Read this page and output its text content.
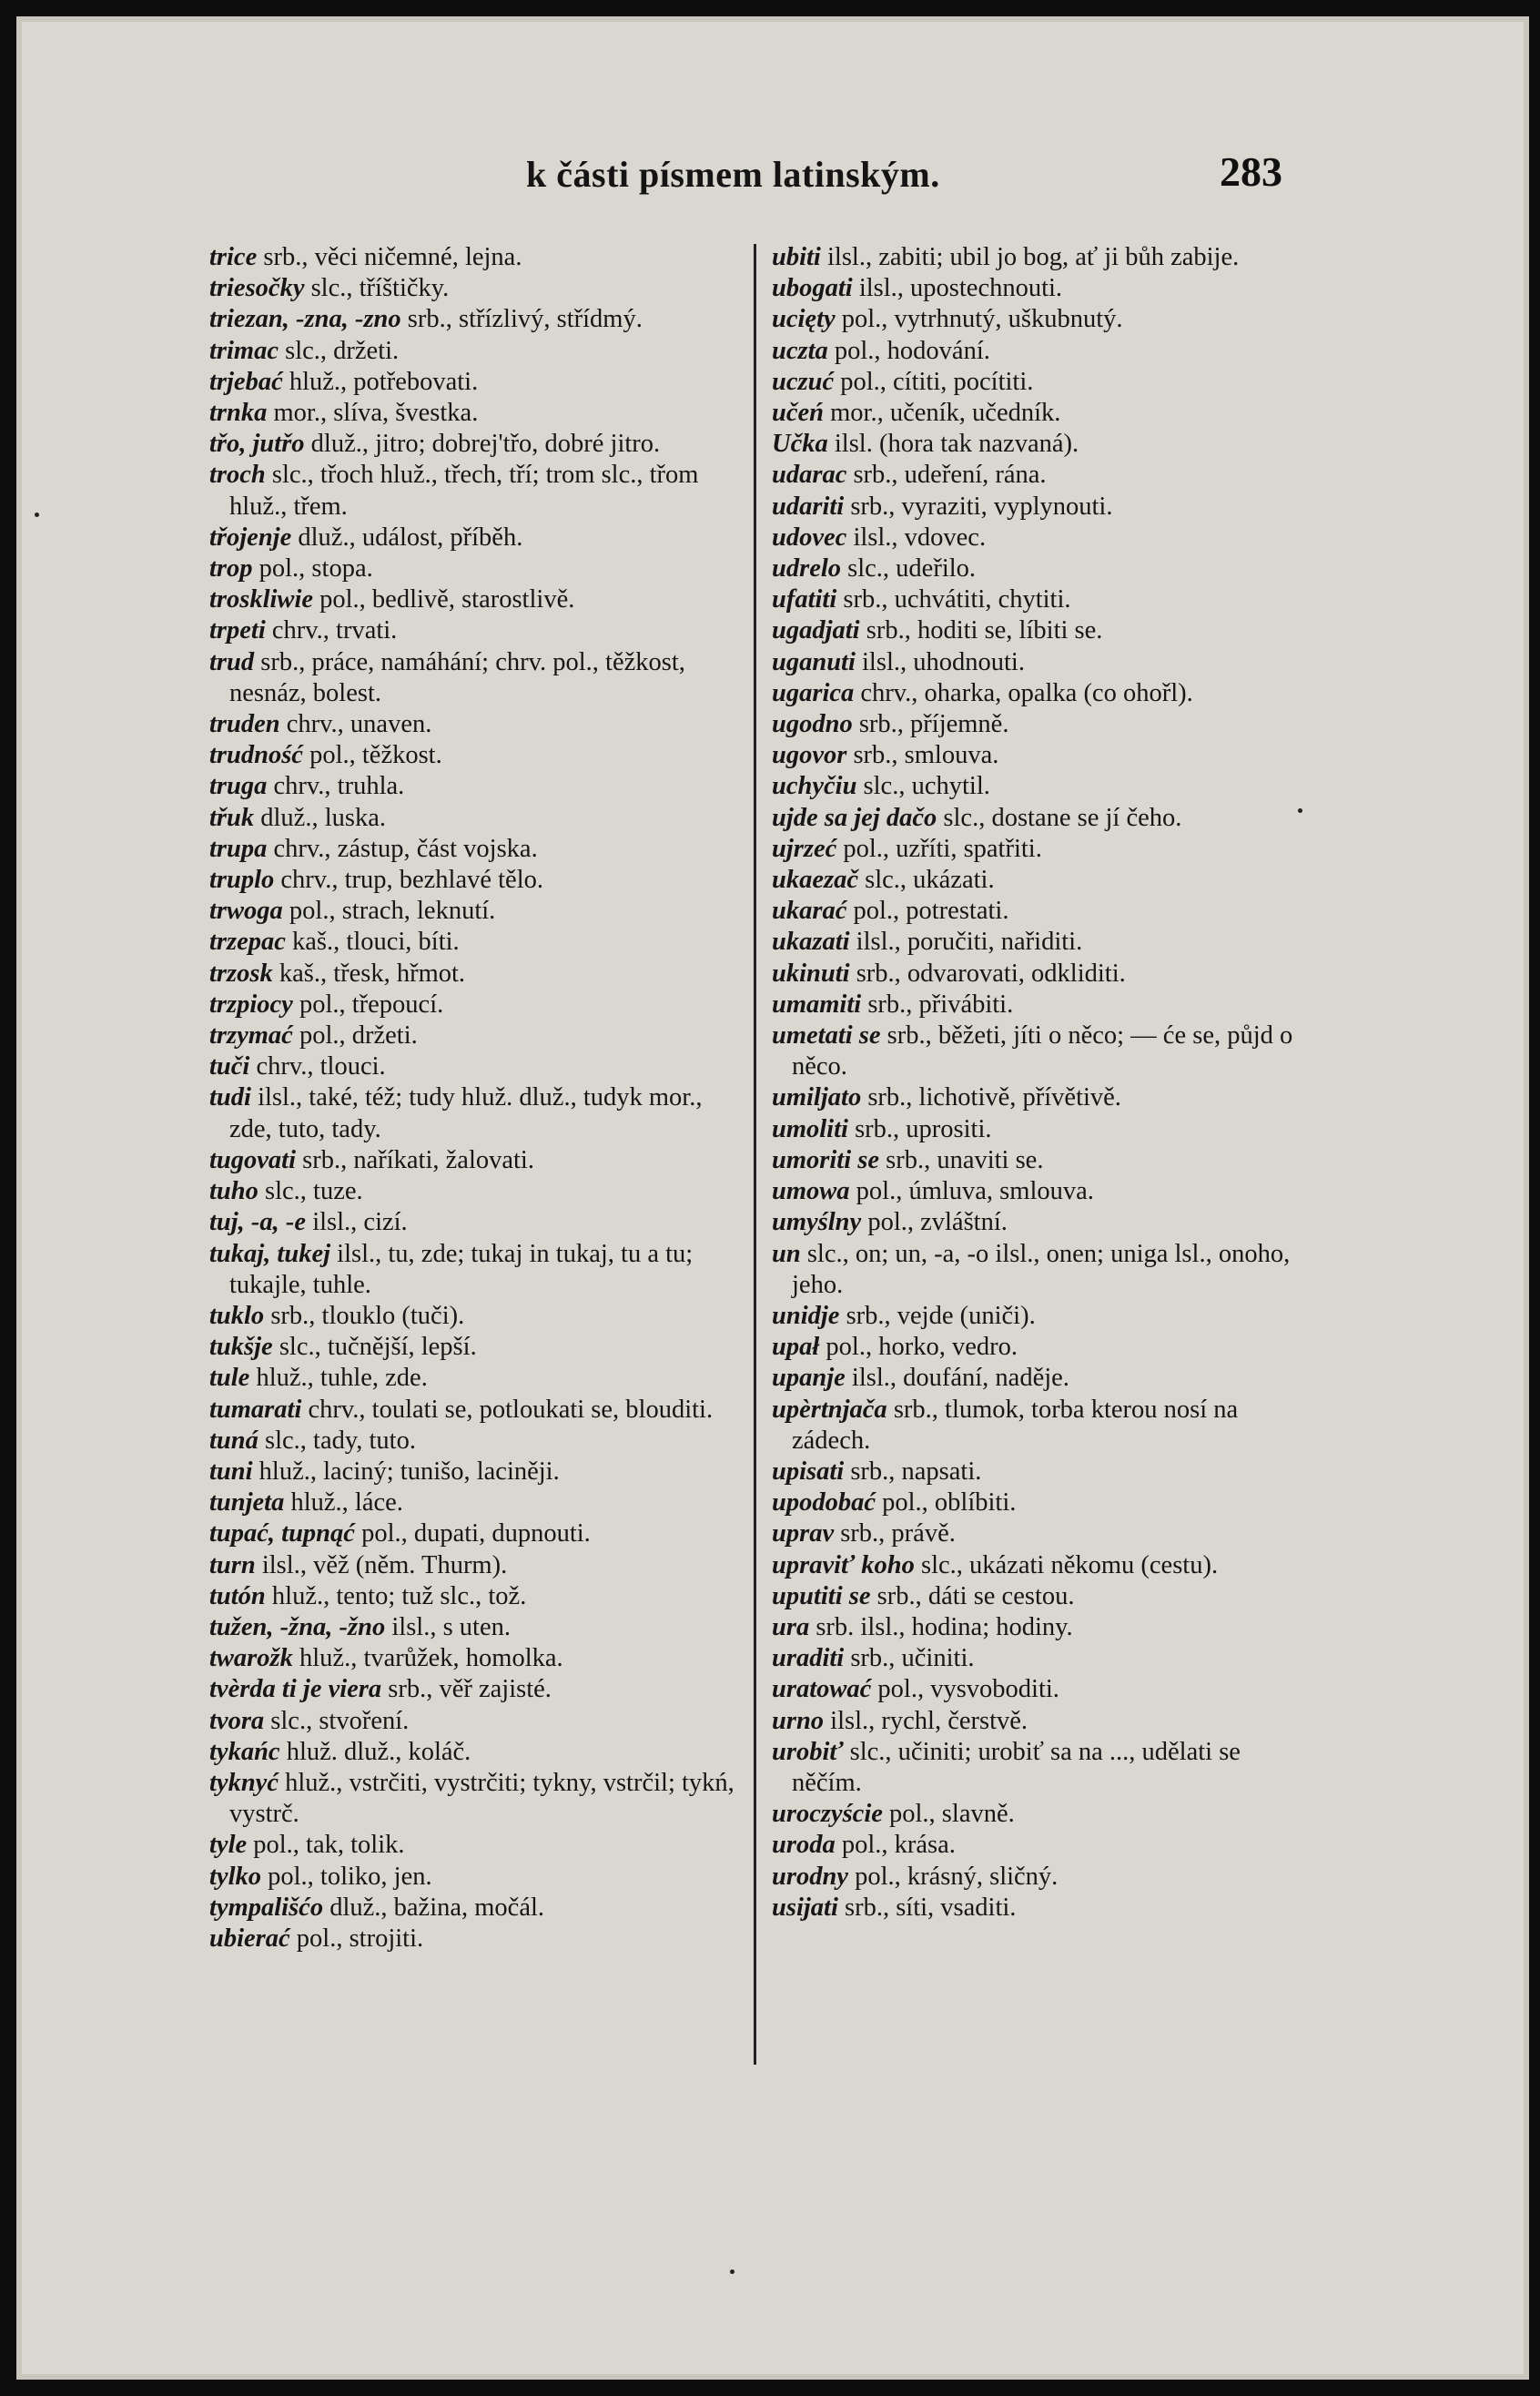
k části písmem latinským.	283
trice srb., věci ničemné, lejna.
triesočky slc., tříštičky.
triezan, -zna, -zno srb., střízlivý, střídmý.
trimac slc., držeti.
trjebać hluž., potřebovati.
trnka mor., slíva, švestka.
třo, jutřo dluž., jitro; dobrej'třo, dobré jitro.
troch slc., třoch hluž., třech, tří; trom slc., třom hluž., třem.
třojenje dluž., událost, příběh.
trop pol., stopa.
troskliwie pol., bedlivě, starostlivě.
trpeti chrv., trvati.
trud srb., práce, namáhání; chrv. pol., těžkost, nesnáz, bolest.
truden chrv., unaven.
trudność pol., těžkost.
truga chrv., truhla.
třuk dluž., luska.
trupa chrv., zástup, část vojska.
truplo chrv., trup, bezhlavé tělo.
trwoga pol., strach, leknutí.
trzepac kaš., tlouci, bíti.
trzosk kaš., třesk, hřmot.
trzpiocy pol., třepoucí.
trzymać pol., držeti.
tuči chrv., tlouci.
tudi ilsl., také, též; tudy hluž. dluž., tudyk mor., zde, tuto, tady.
tugovati srb., naříkati, žalovati.
tuho slc., tuze.
tuj, -a, -e ilsl., cizí.
tukaj, tukej ilsl., tu, zde; tukaj in tukaj, tu a tu; tukajle, tuhle.
tuklo srb., tlouklo (tuči).
tukšje slc., tučnější, lepší.
tule hluž., tuhle, zde.
tumarati chrv., toulati se, potloukati se, blouditi.
tuná slc., tady, tuto.
tuni hluž., laciný; tunišo, laciněji.
tunjeta hluž., láce.
tupać, tupnąć pol., dupati, dupnouti.
turn ilsl., věž (něm. Thurm).
tutón hluž., tento; tuž slc., tož.
tužen, -žna, -žno ilsl., s uten.
twarožk hluž., tvarůžek, homolka.
tvèrda ti je viera srb., věř zajisté.
tvora slc., stvoření.
tykańc hluž. dluž., koláč.
tyknyć hluž., vstrčiti, vystrčiti; tykny, vstrčil; tykń, vystrč.
tyle pol., tak, tolik.
tylko pol., toliko, jen.
tympališćo dluž., bažina, močál.
ubierać pol., strojiti.
ubiti ilsl., zabiti; ubil jo bog, ať ji bůh zabije.
ubogati ilsl., upostechnouti.
ucięty pol., vytrhnutý, uškubnutý.
uczta pol., hodování.
uczuć pol., cítiti, pocítiti.
učeń mor., učeník, učedník.
Učka ilsl. (hora tak nazvaná).
udarac srb., udeření, rána.
udariti srb., vyraziti, vyplynouti.
udovec ilsl., vdovec.
udrelo slc., udeřilo.
ufatiti srb., uchvátiti, chytiti.
ugadjati srb., hoditi se, líbiti se.
uganuti ilsl., uhodnouti.
ugarica chrv., oharka, opalka (co ohořl).
ugodno srb., příjemně.
ugovor srb., smlouva.
uchyčiu slc., uchytil.
ujde sa jej dačo slc., dostane se jí čeho.
ujrzeć pol., uzříti, spatřiti.
ukaezač slc., ukázati.
ukarać pol., potrestati.
ukazati ilsl., poručiti, nařiditi.
ukinuti srb., odvarovati, odkliditi.
umamiti srb., přivábiti.
umetati se srb., běžeti, jíti o něco; — će se, půjd o něco.
umiljato srb., lichotivě, přívětivě.
umoliti srb., uprositi.
umoriti se srb., unaviti se.
umowa pol., úmluva, smlouva.
umyślny pol., zvláštní.
un slc., on; un, -a, -o ilsl., onen; uniga lsl., onoho, jeho.
unidje srb., vejde (uniči).
upał pol., horko, vedro.
upanje ilsl., doufání, naděje.
upèrtnjača srb., tlumok, torba kterou nosí na zádech.
upisati srb., napsati.
upodobać pol., oblíbiti.
uprav srb., právě.
upraviť koho slc., ukázati někomu (cestu).
uputiti se srb., dáti se cestou.
ura srb. ilsl., hodina; hodiny.
uraditi srb., učiniti.
uratować pol., vysvoboditi.
urno ilsl., rychl, čerstvě.
urobiť slc., učiniti; urobiť sa na ..., udělati se něčím.
uroczyście pol., slavně.
uroda pol., krása.
urodny pol., krásný, sličný.
usijati srb., síti, vsaditi.
